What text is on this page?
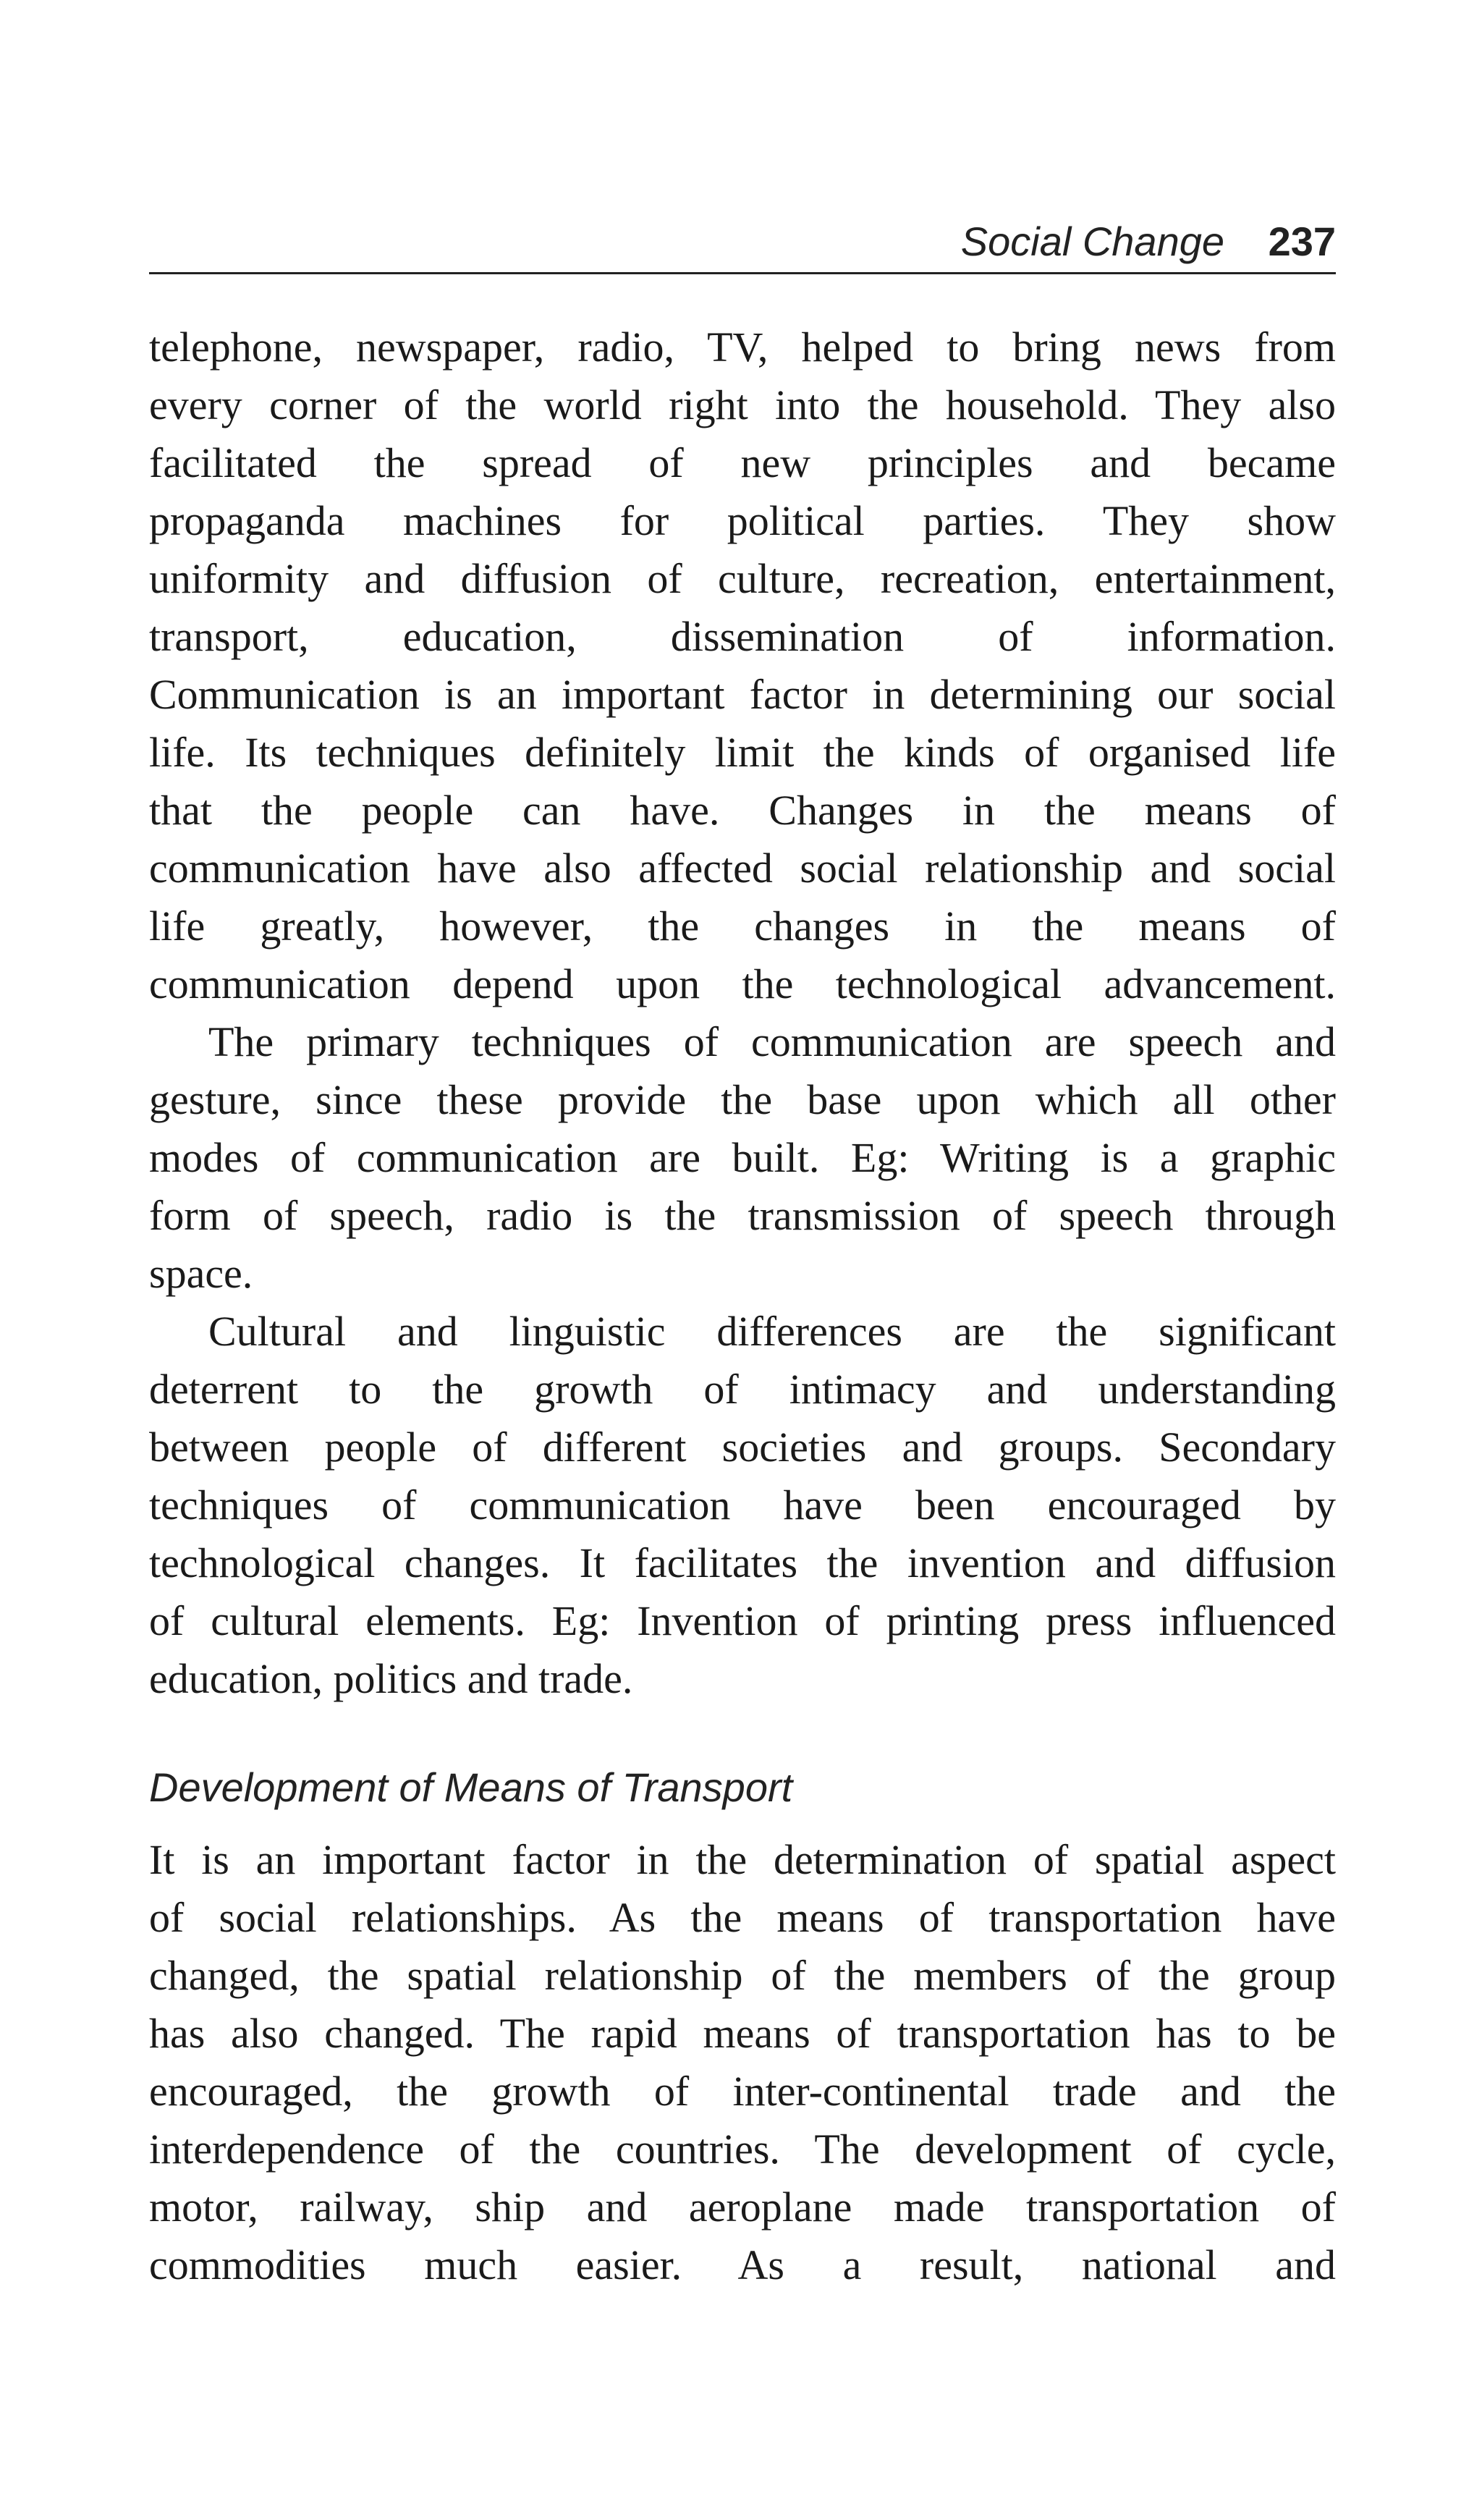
Social Change 237
telephone, newspaper, radio, TV, helped to bring news from
every corner of the world right into the household. They also
facilitated the spread of new principles and became
propaganda machines for political parties. They show
uniformity and diffusion of culture, recreation, entertainment,
transport, education, dissemination of information.
Communication is an important factor in determining our social
life. Its techniques definitely limit the kinds of organised life
that the people can have. Changes in the means of
communication have also affected social relationship and social
life greatly, however, the changes in the means of
communication depend upon the technological advancement.
The primary techniques of communication are speech and
gesture, since these provide the base upon which all other
modes of communication are built. Eg: Writing is a graphic
form of speech, radio is the transmission of speech through
space.
Cultural and linguistic differences are the significant
deterrent to the growth of intimacy and understanding
between people of different societies and groups. Secondary
techniques of communication have been encouraged by
technological changes. It facilitates the invention and diffusion
of cultural elements. Eg: Invention of printing press influenced
education, politics and trade.
Development of Means of Transport
It is an important factor in the determination of spatial aspect
of social relationships. As the means of transportation have
changed, the spatial relationship of the members of the group
has also changed. The rapid means of transportation has to be
encouraged, the growth of inter-continental trade and the
interdependence of the countries. The development of cycle,
motor, railway, ship and aeroplane made transportation of
commodities much easier. As a result, national and
